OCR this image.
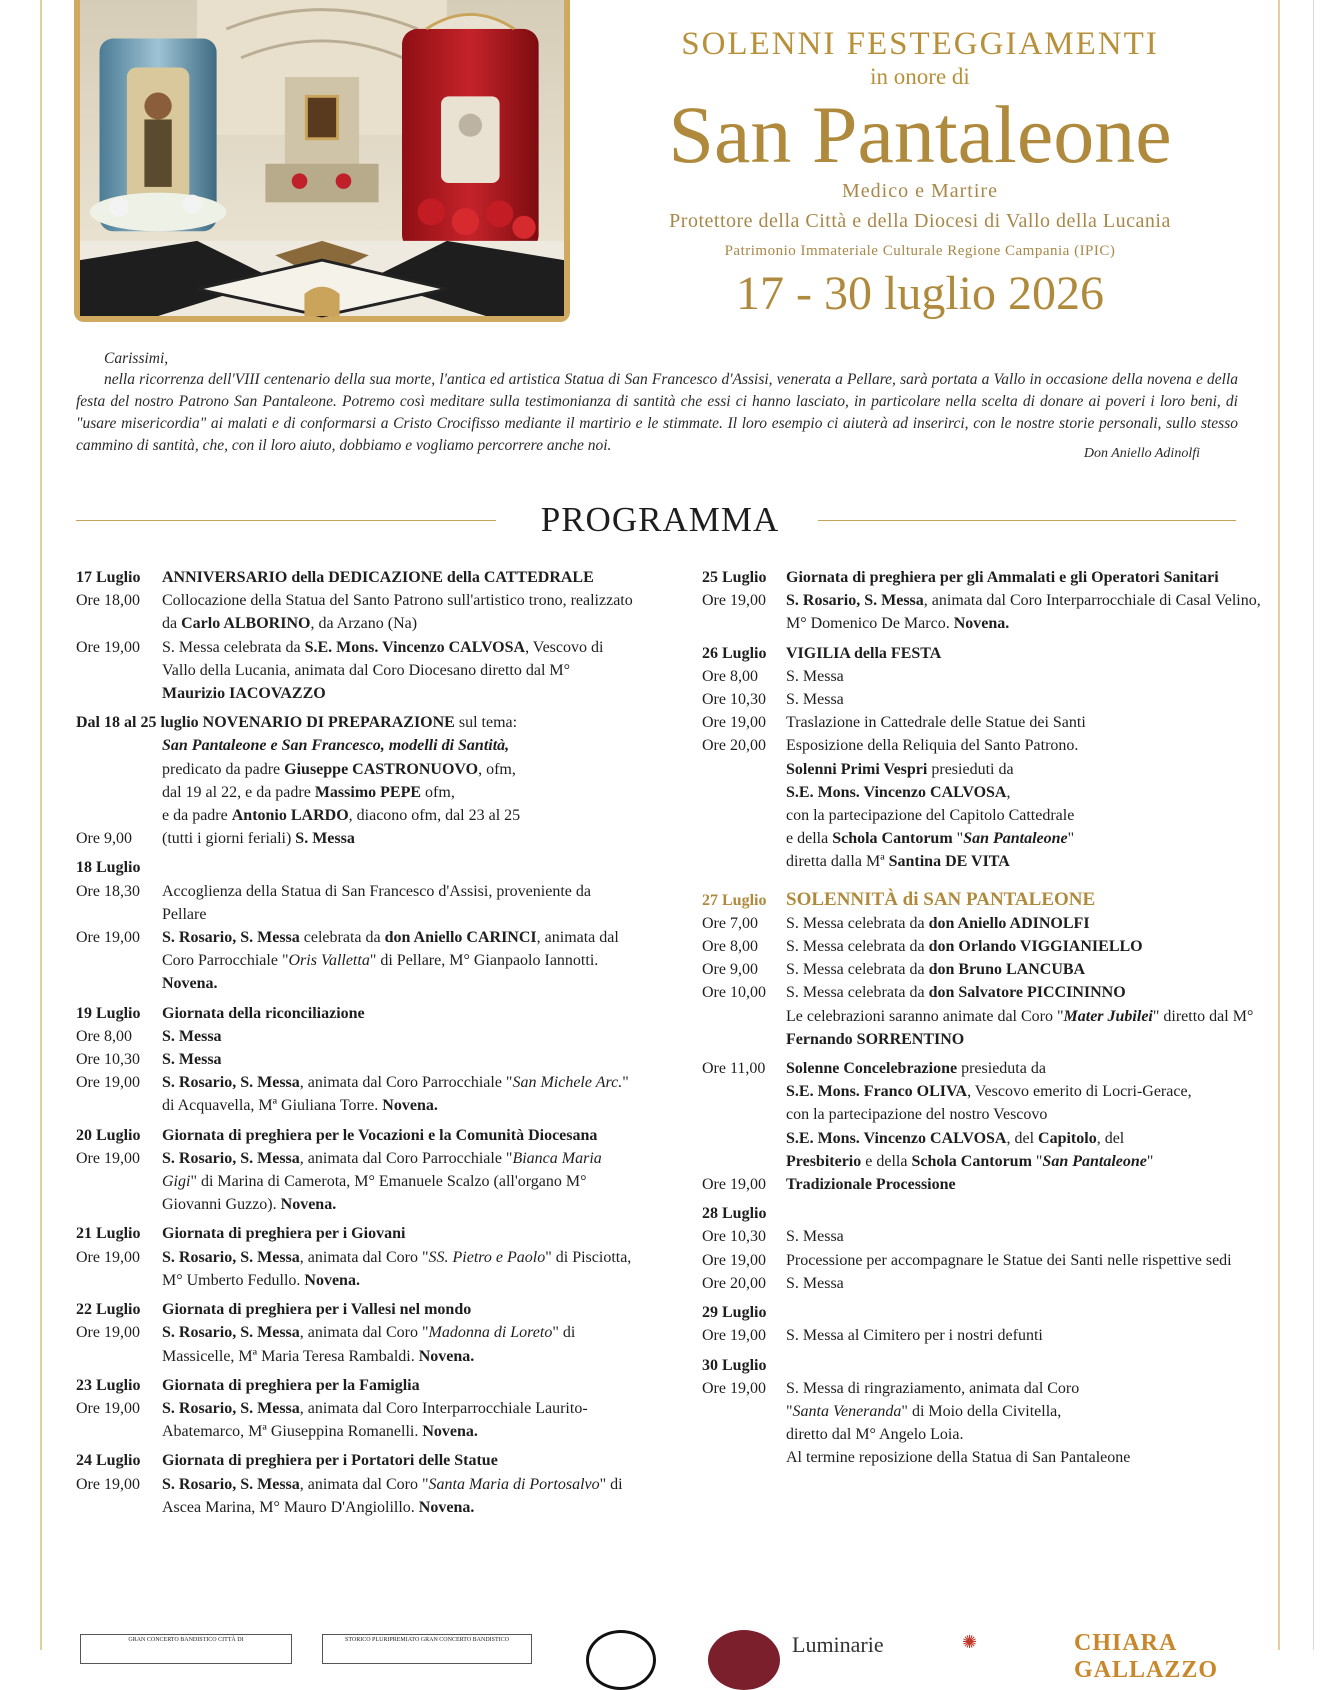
SOLENNI FESTEGGIAMENTI
in onore di
San Pantaleone
Medico e Martire
Protettore della Città e della Diocesi di Vallo della Lucania
Patrimonio Immateriale Culturale Regione Campania (IPIC)
17 - 30 luglio 2026
Carissimi,
nella ricorrenza dell'VIII centenario della sua morte, l'antica ed artistica Statua di San Francesco d'Assisi, venerata a Pellare, sarà portata a Vallo in occasione della novena e della festa del nostro Patrono San Pantaleone. Potremo così meditare sulla testimonianza di santità che essi ci hanno lasciato, in particolare nella scelta di donare ai poveri i loro beni, di "usare misericordia" ai malati e di conformarsi a Cristo Crocifisso mediante il martirio e le stimmate. Il loro esempio ci aiuterà ad inserirci, con le nostre storie personali, sullo stesso cammino di santità, che, con il loro aiuto, dobbiamo e vogliamo percorrere anche noi.	Don Aniello Adinolfi
PROGRAMMA
17 Luglio	ANNIVERSARIO della DEDICAZIONE della CATTEDRALE
Ore 18,00	Collocazione della Statua del Santo Patrono sull'artistico trono, realizzato da Carlo ALBORINO, da Arzano (Na)
Ore 19,00	S. Messa celebrata da S.E. Mons. Vincenzo CALVOSA, Vescovo di Vallo della Lucania, animata dal Coro Diocesano diretto dal M° Maurizio IACOVAZZO
Dal 18 al 25 luglio NOVENARIO DI PREPARAZIONE sul tema:
San Pantaleone e San Francesco, modelli di Santità,
predicato da padre Giuseppe CASTRONUOVO, ofm,
dal 19 al 22, e da padre Massimo PEPE ofm,
e da padre Antonio LARDO, diacono ofm, dal 23 al 25
Ore 9,00	(tutti i giorni feriali) S. Messa
18 Luglio
Ore 18,30	Accoglienza della Statua di San Francesco d'Assisi, proveniente da Pellare
Ore 19,00	S. Rosario, S. Messa celebrata da don Aniello CARINCI, animata dal Coro Parrocchiale "Oris Valletta" di Pellare, M° Gianpaolo Iannotti. Novena.
19 Luglio	Giornata della riconciliazione
Ore 8,00	S. Messa
Ore 10,30	S. Messa
Ore 19,00	S. Rosario, S. Messa, animata dal Coro Parrocchiale "San Michele Arc." di Acquavella, Mª Giuliana Torre. Novena.
20 Luglio	Giornata di preghiera per le Vocazioni e la Comunità Diocesana
Ore 19,00	S. Rosario, S. Messa, animata dal Coro Parrocchiale "Bianca Maria Gigi" di Marina di Camerota, M° Emanuele Scalzo (all'organo M° Giovanni Guzzo). Novena.
21 Luglio	Giornata di preghiera per i Giovani
Ore 19,00	S. Rosario, S. Messa, animata dal Coro "SS. Pietro e Paolo" di Pisciotta, M° Umberto Fedullo. Novena.
22 Luglio	Giornata di preghiera per i Vallesi nel mondo
Ore 19,00	S. Rosario, S. Messa, animata dal Coro "Madonna di Loreto" di Massicelle, Mª Maria Teresa Rambaldi. Novena.
23 Luglio	Giornata di preghiera per la Famiglia
Ore 19,00	S. Rosario, S. Messa, animata dal Coro Interparrocchiale Laurito- Abatemarco, Mª Giuseppina Romanelli. Novena.
24 Luglio	Giornata di preghiera per i Portatori delle Statue
Ore 19,00	S. Rosario, S. Messa, animata dal Coro "Santa Maria di Portosalvo" di Ascea Marina, M° Mauro D'Angiolillo. Novena.
25 Luglio	Giornata di preghiera per gli Ammalati e gli Operatori Sanitari
Ore 19,00	S. Rosario, S. Messa, animata dal Coro Interparrocchiale di Casal Velino, M° Domenico De Marco. Novena.
26 Luglio	VIGILIA della FESTA
Ore 8,00	S. Messa
Ore 10,30	S. Messa
Ore 19,00	Traslazione in Cattedrale delle Statue dei Santi
Ore 20,00	Esposizione della Reliquia del Santo Patrono.
Solenni Primi Vespri presieduti da
S.E. Mons. Vincenzo CALVOSA,
con la partecipazione del Capitolo Cattedrale
e della Schola Cantorum "San Pantaleone"
diretta dalla Mª Santina DE VITA
27 Luglio	SOLENNITÀ di SAN PANTALEONE
Ore 7,00	S. Messa celebrata da don Aniello ADINOLFI
Ore 8,00	S. Messa celebrata da don Orlando VIGGIANIELLO
Ore 9,00	S. Messa celebrata da don Bruno LANCUBA
Ore 10,00	S. Messa celebrata da don Salvatore PICCININNO
Le celebrazioni saranno animate dal Coro "Mater Jubilei" diretto dal M° Fernando SORRENTINO
Ore 11,00	Solenne Concelebrazione presieduta da
S.E. Mons. Franco OLIVA, Vescovo emerito di Locri-Gerace,
con la partecipazione del nostro Vescovo
S.E. Mons. Vincenzo CALVOSA, del Capitolo, del
Presbiterio e della Schola Cantorum "San Pantaleone"
Ore 19,00	Tradizionale Processione
28 Luglio
Ore 10,30	S. Messa
Ore 19,00	Processione per accompagnare le Statue dei Santi nelle rispettive sedi
Ore 20,00	S. Messa
29 Luglio
Ore 19,00	S. Messa al Cimitero per i nostri defunti
30 Luglio
Ore 19,00	S. Messa di ringraziamento, animata dal Coro
"Santa Veneranda" di Moio della Civitella,
diretto dal M° Angelo Loia.
Al termine reposizione della Statua di San Pantaleone
GRAN CONCERTO BANDISTICO CITTÀ DI	STORICO PLURIPREMIATO GRAN CONCERTO BANDISTICO	Luminarie	✺	CHIARA GALLAZZO
